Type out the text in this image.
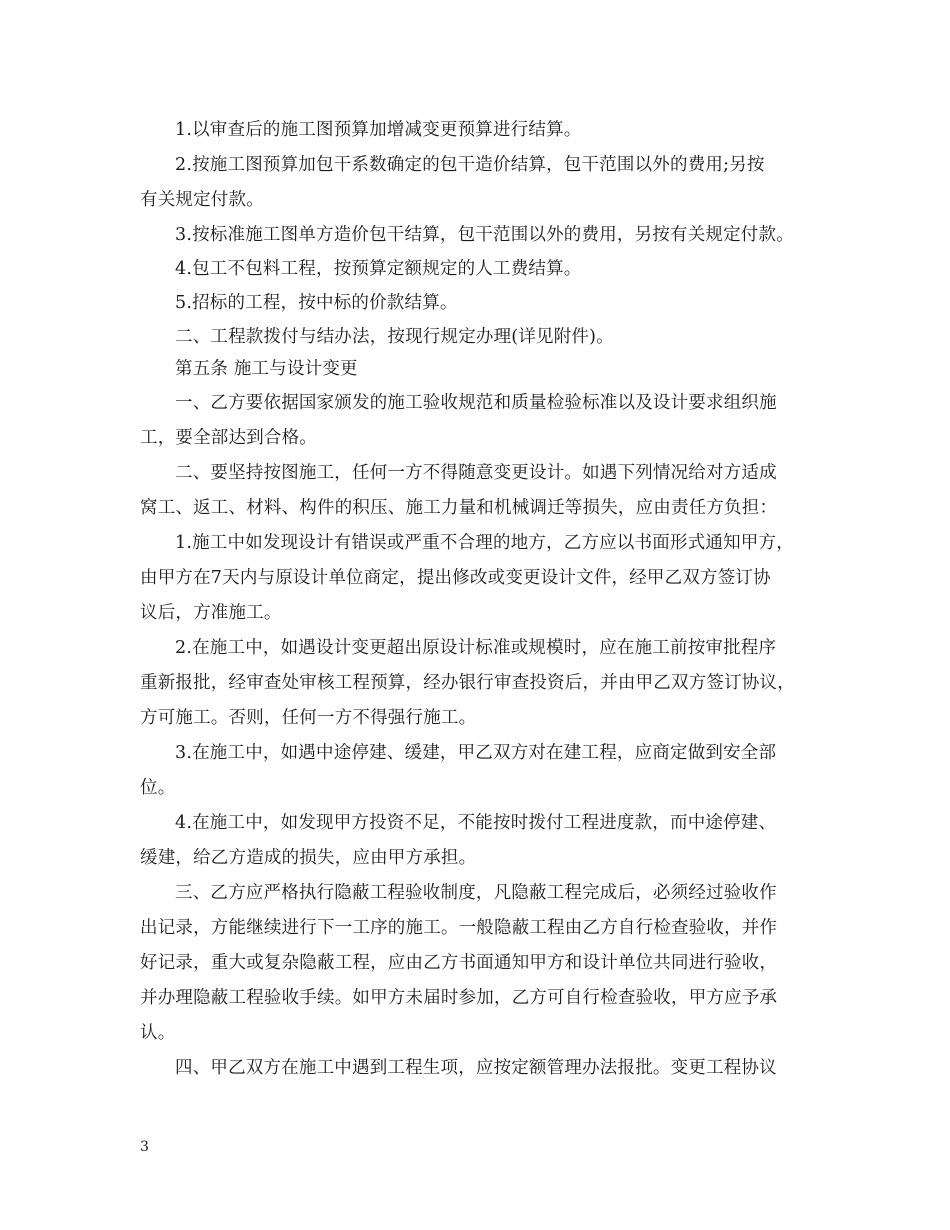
1.以审查后的施工图预算加增减变更预算进行结算。
2.按施工图预算加包干系数确定的包干造价结算，包干范围以外的费用;另按
有关规定付款。
3.按标准施工图单方造价包干结算，包干范围以外的费用，另按有关规定付款。
4.包工不包料工程，按预算定额规定的人工费结算。
5.招标的工程，按中标的价款结算。
二、工程款拨付与结办法，按现行规定办理(详见附件)。
第五条 施工与设计变更
一、乙方要依据国家颁发的施工验收规范和质量检验标准以及设计要求组织施
工，要全部达到合格。
二、要坚持按图施工，任何一方不得随意变更设计。如遇下列情况给对方适成
窝工、返工、材料、构件的积压、施工力量和机械调迁等损失，应由责任方负担：
1.施工中如发现设计有错误或严重不合理的地方，乙方应以书面形式通知甲方，
由甲方在7天内与原设计单位商定，提出修改或变更设计文件，经甲乙双方签订协
议后，方准施工。
2.在施工中，如遇设计变更超出原设计标准或规模时，应在施工前按审批程序
重新报批，经审查处审核工程预算，经办银行审查投资后，并由甲乙双方签订协议，
方可施工。否则，任何一方不得强行施工。
3.在施工中，如遇中途停建、缓建，甲乙双方对在建工程，应商定做到安全部
位。
4.在施工中，如发现甲方投资不足，不能按时拨付工程进度款，而中途停建、
缓建，给乙方造成的损失，应由甲方承担。
三、乙方应严格执行隐蔽工程验收制度，凡隐蔽工程完成后，必须经过验收作
出记录，方能继续进行下一工序的施工。一般隐蔽工程由乙方自行检查验收，并作
好记录，重大或复杂隐蔽工程，应由乙方书面通知甲方和设计单位共同进行验收，
并办理隐蔽工程验收手续。如甲方未届时参加，乙方可自行检查验收，甲方应予承
认。
四、甲乙双方在施工中遇到工程生项，应按定额管理办法报批。变更工程协议
3
